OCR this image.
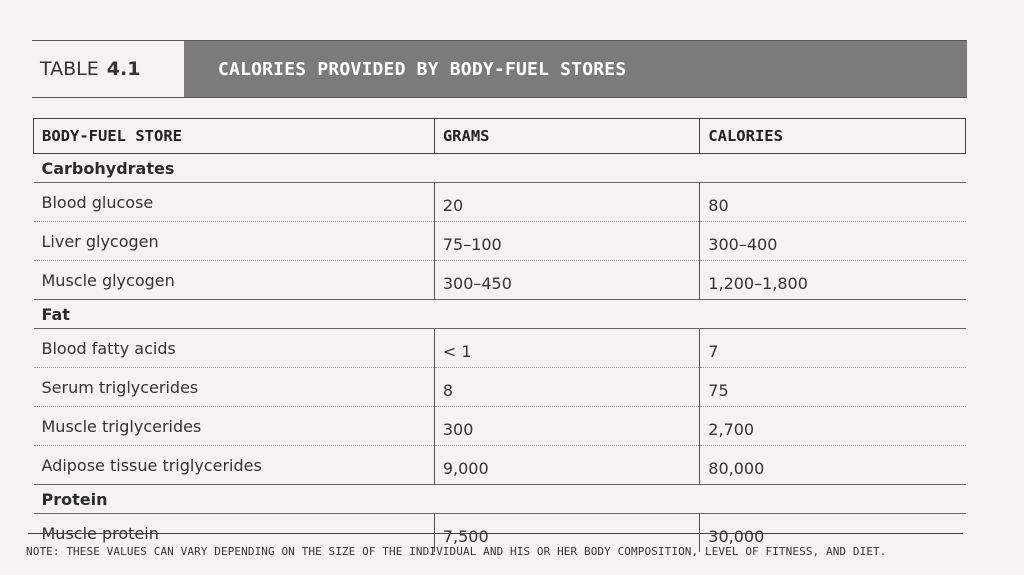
TABLE 4.1	CALORIES PROVIDED BY BODY-FUEL STORES
BODY-FUEL STORE	GRAMS	CALORIES
Carbohydrates		
Blood glucose	20	80
Liver glycogen	75–100	300–400
Muscle glycogen	300–450	1,200–1,800
Fat		
Blood fatty acids	< 1	7
Serum triglycerides	8	75
Muscle triglycerides	300	2,700
Adipose tissue triglycerides	9,000	80,000
Protein		
Muscle protein	7,500	30,000
NOTE: THESE VALUES CAN VARY DEPENDING ON THE SIZE OF THE INDIVIDUAL AND HIS OR HER BODY COMPOSITION, LEVEL OF FITNESS, AND DIET.
